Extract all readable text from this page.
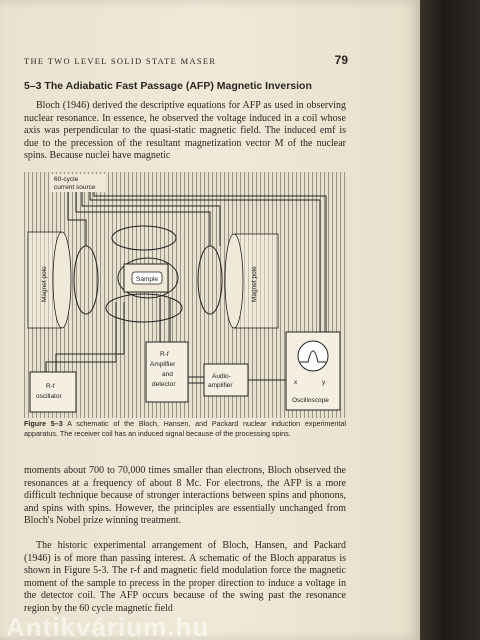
THE TWO LEVEL SOLID STATE MASER	79
5–3 The Adiabatic Fast Passage (AFP) Magnetic Inversion

Bloch (1946) derived the descriptive equations for AFP as used in observing nuclear resonance. In essence, he observed the voltage induced in a coil whose axis was perpendicular to the quasi-static magnetic field. The induced emf is due to the precession of the resultant magnetization vector M of the nuclear spins. Because nuclei have magnetic

60-cycle
current source
Magnet pole	Magnet pole
Sample
R-f
oscillator
R-f
Amplifier
and
detector
Audio-
amplifier	x	y
Oscilloscope
Figure 5–3 A schematic of the Bloch, Hansen, and Packard nuclear induction experimental apparatus. The receiver coil has an induced signal because of the processing spins.

moments about 700 to 70,000 times smaller than electrons, Bloch observed the resonances at a frequency of about 8 Mc. For electrons, the AFP is a more difficult technique because of stronger interactions between spins and phonons, and spins with spins. However, the principles are essentially unchanged from Bloch's Nobel prize winning treatment.

The historic experimental arrangement of Bloch, Hansen, and Packard (1946) is of more than passing interest. A schematic of the Bloch apparatus is shown in Figure 5-3. The r-f and magnetic field modulation force the magnetic moment of the sample to precess in the proper direction to induce a voltage in the detector coil. The AFP occurs because of the swing past the resonance region by the 60 cycle magnetic field

Antikvárium.hu
